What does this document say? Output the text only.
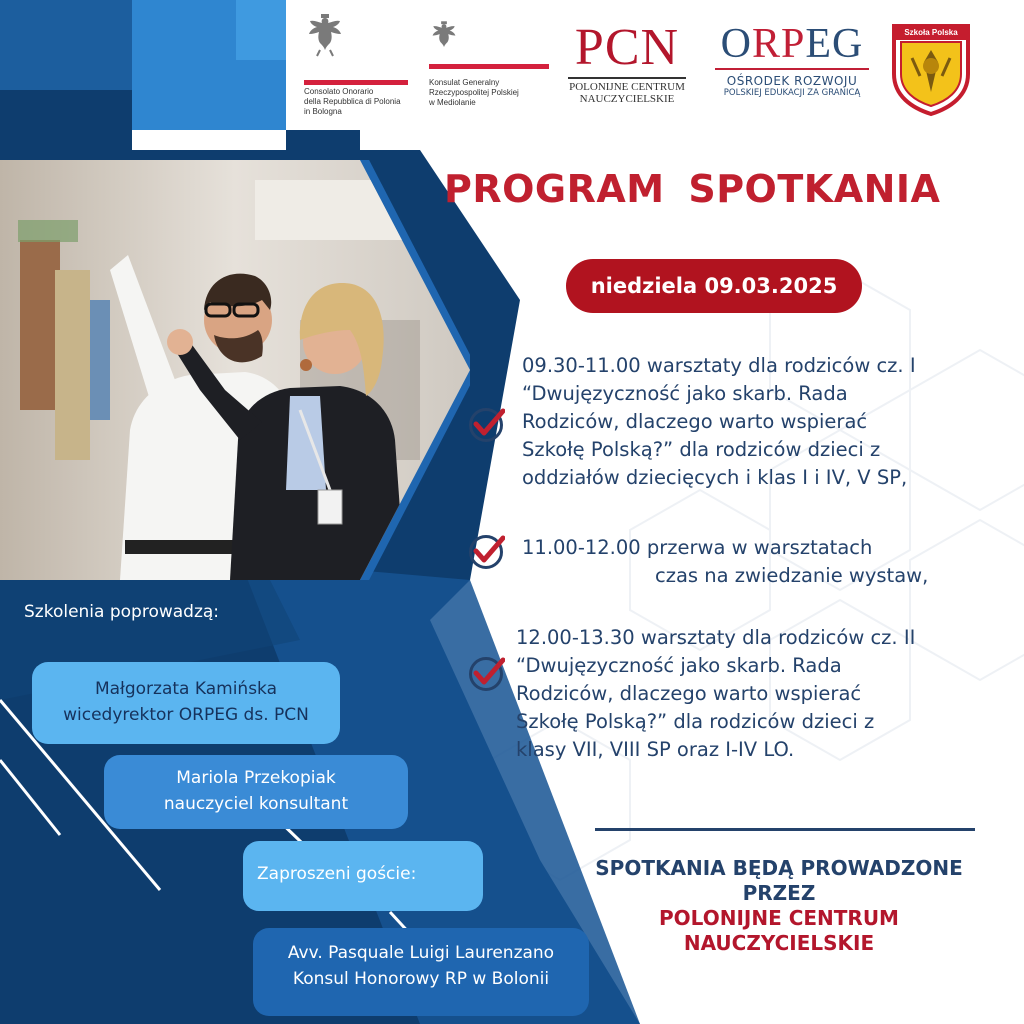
Consolato Onorario
della Repubblica di Polonia
in Bologna
Konsulat Generalny
Rzeczypospolitej Polskiej
w Mediolanie
PCN
POLONIJNE CENTRUM
NAUCZYCIELSKIE
ORPEG
OŚRODEK ROZWOJU
POLSKIEJ EDUKACJI ZA GRANICĄ
Szkoła Polska
PROGRAM SPOTKANIA
niedziela 09.03.2025
09.30-11.00 warsztaty dla rodziców cz. I
“Dwujęzyczność jako skarb. Rada
Rodziców, dlaczego warto wspierać
Szkołę Polską?” dla rodziców dzieci z
oddziałów dziecięcych i klas I i IV, V SP,
11.00-12.00 przerwa w warsztatach
czas na zwiedzanie wystaw,
12.00-13.30 warsztaty dla rodziców cz. II
“Dwujęzyczność jako skarb. Rada
Rodziców, dlaczego warto wspierać
Szkołę Polską?” dla rodziców dzieci z
klasy VII, VIII SP oraz I-IV LO.
SPOTKANIA BĘDĄ PROWADZONE
PRZEZ
POLONIJNE CENTRUM
NAUCZYCIELSKIE
Szkolenia poprowadzą:
Małgorzata Kamińska
wicedyrektor ORPEG ds. PCN
Mariola Przekopiak
nauczyciel konsultant
Zaproszeni goście:
Avv. Pasquale Luigi Laurenzano
Konsul Honorowy RP w Bolonii
